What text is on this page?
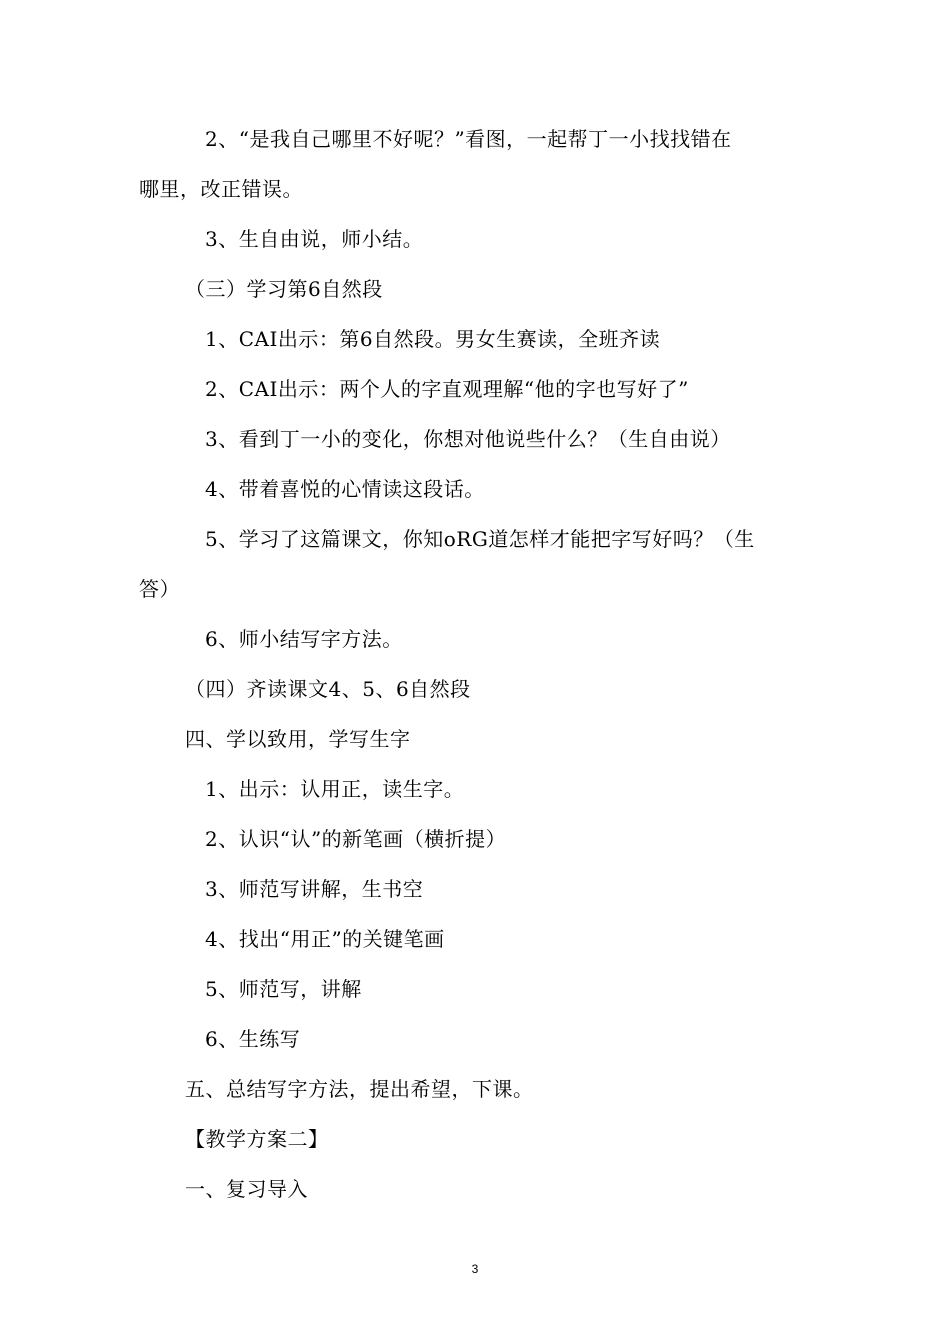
2、“是我自己哪里不好呢？”看图，一起帮丁一小找找错在
哪里，改正错误。
3、生自由说，师小结。
（三）学习第6自然段
1、CAI出示：第6自然段。男女生赛读，全班齐读
2、CAI出示：两个人的字直观理解“他的字也写好了”
3、看到丁一小的变化，你想对他说些什么？（生自由说）
4、带着喜悦的心情读这段话。
5、学习了这篇课文，你知oRG道怎样才能把字写好吗？（生
答）
6、师小结写字方法。
（四）齐读课文4、5、6自然段
四、学以致用，学写生字
1、出示：认用正，读生字。
2、认识“认”的新笔画（横折提）
3、师范写讲解，生书空
4、找出“用正”的关键笔画
5、师范写，讲解
6、生练写
五、总结写字方法，提出希望，下课。
【教学方案二】
一、复习导入
3
